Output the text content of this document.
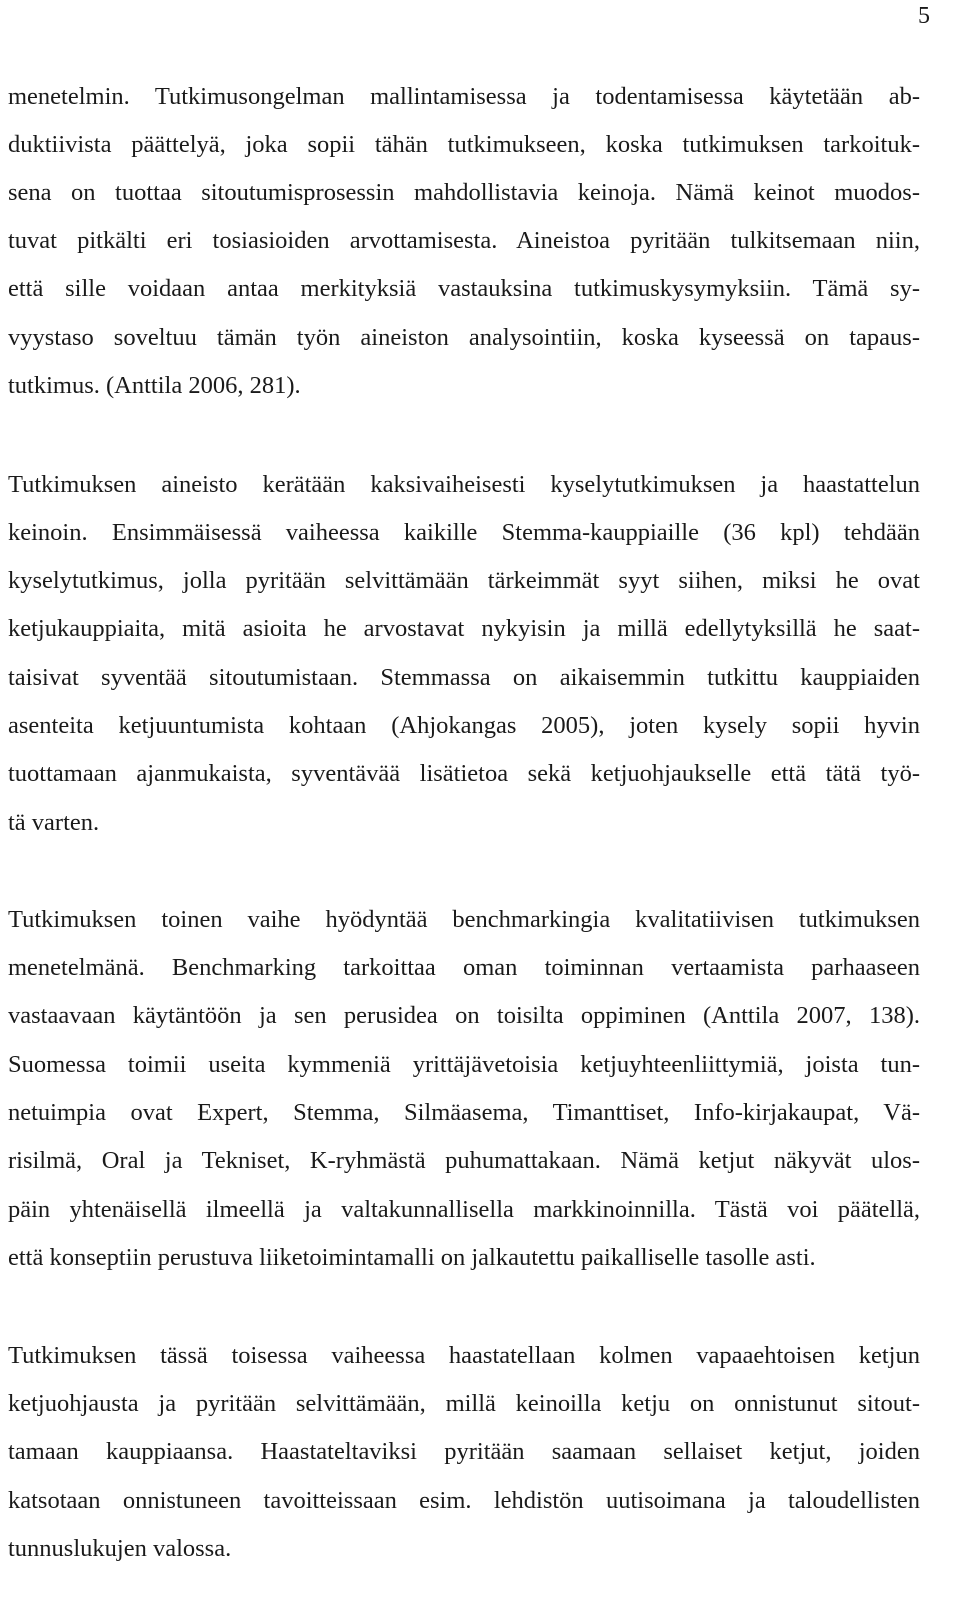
5
menetelmin. Tutkimusongelman mallintamisessa ja todentamisessa käytetään ab-
duktiivista päättelyä, joka sopii tähän tutkimukseen, koska tutkimuksen tarkoituk-
sena on tuottaa sitoutumisprosessin mahdollistavia keinoja. Nämä keinot muodos-
tuvat pitkälti eri tosiasioiden arvottamisesta. Aineistoa pyritään tulkitsemaan niin,
että sille voidaan antaa merkityksiä vastauksina tutkimuskysymyksiin. Tämä sy-
vyystaso soveltuu tämän työn aineiston analysointiin, koska kyseessä on tapaus-
tutkimus. (Anttila 2006, 281).
Tutkimuksen aineisto kerätään kaksivaiheisesti kyselytutkimuksen ja haastattelun
keinoin. Ensimmäisessä vaiheessa kaikille Stemma-kauppiaille (36 kpl) tehdään
kyselytutkimus, jolla pyritään selvittämään tärkeimmät syyt siihen, miksi he ovat
ketjukauppiaita, mitä asioita he arvostavat nykyisin ja millä edellytyksillä he saat-
taisivat syventää sitoutumistaan. Stemmassa on aikaisemmin tutkittu kauppiaiden
asenteita ketjuuntumista kohtaan (Ahjokangas 2005), joten kysely sopii hyvin
tuottamaan ajanmukaista, syventävää lisätietoa sekä ketjuohjaukselle että tätä työ-
tä varten.
Tutkimuksen toinen vaihe hyödyntää benchmarkingia kvalitatiivisen tutkimuksen
menetelmänä. Benchmarking tarkoittaa oman toiminnan vertaamista parhaaseen
vastaavaan käytäntöön ja sen perusidea on toisilta oppiminen (Anttila 2007, 138).
Suomessa toimii useita kymmeniä yrittäjävetoisia ketjuyhteenliittymiä, joista tun-
netuimpia ovat Expert, Stemma, Silmäasema, Timanttiset, Info-kirjakaupat, Vä-
risilmä, Oral ja Tekniset, K-ryhmästä puhumattakaan. Nämä ketjut näkyvät ulos-
päin yhtenäisellä ilmeellä ja valtakunnallisella markkinoinnilla. Tästä voi päätellä,
että konseptiin perustuva liiketoimintamalli on jalkautettu paikalliselle tasolle asti.
Tutkimuksen tässä toisessa vaiheessa haastatellaan kolmen vapaaehtoisen ketjun
ketjuohjausta ja pyritään selvittämään, millä keinoilla ketju on onnistunut sitout-
tamaan kauppiaansa. Haastateltaviksi pyritään saamaan sellaiset ketjut, joiden
katsotaan onnistuneen tavoitteissaan esim. lehdistön uutisoimana ja taloudellisten
tunnuslukujen valossa.
